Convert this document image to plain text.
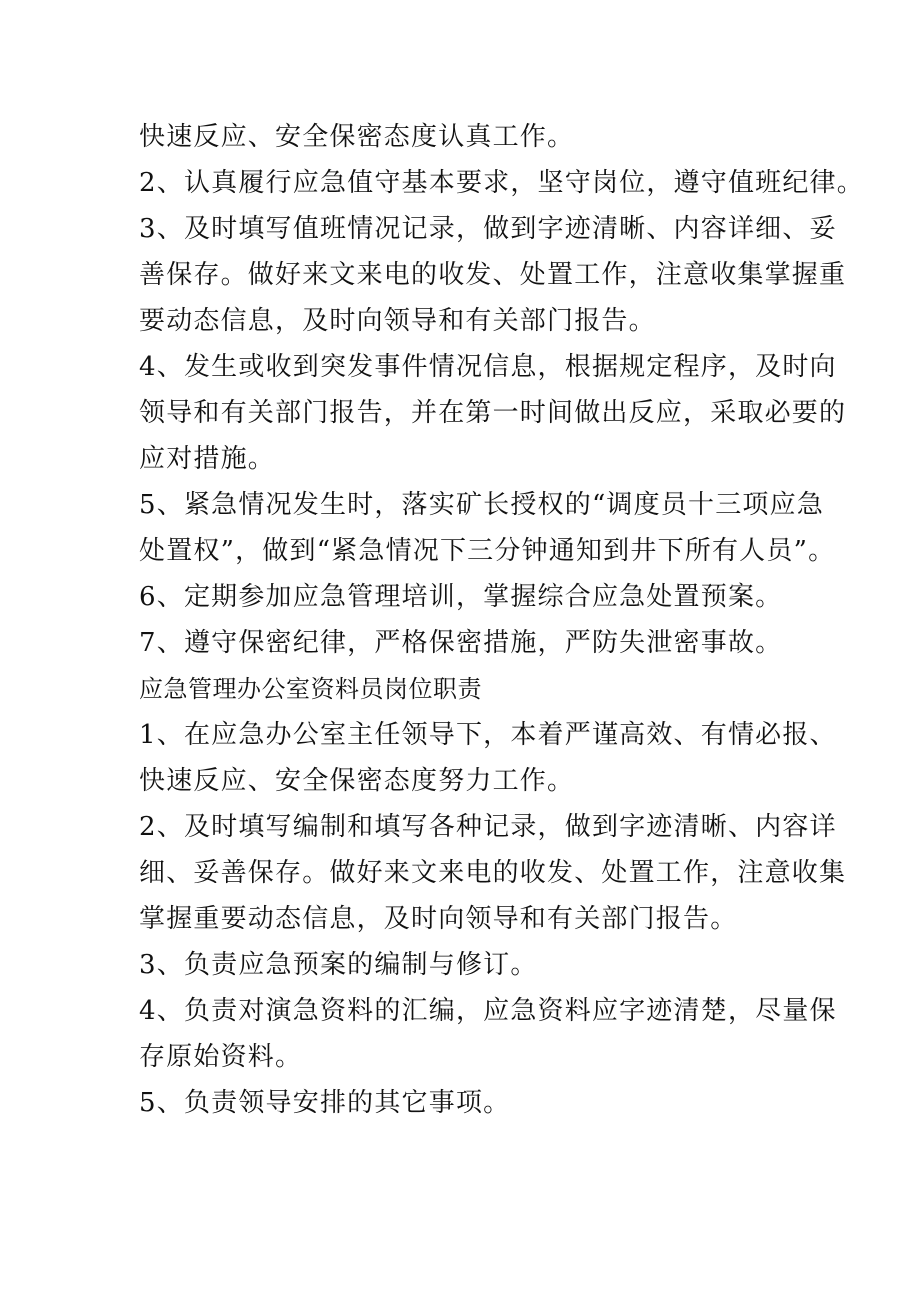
快速反应、安全保密态度认真工作。
2、认真履行应急值守基本要求，坚守岗位，遵守值班纪律。
3、及时填写值班情况记录，做到字迹清晰、内容详细、妥
善保存。做好来文来电的收发、处置工作，注意收集掌握重
要动态信息，及时向领导和有关部门报告。
4、发生或收到突发事件情况信息，根据规定程序，及时向
领导和有关部门报告，并在第一时间做出反应，采取必要的
应对措施。
5、紧急情况发生时，落实矿长授权的“调度员十三项应急
处置权”，做到“紧急情况下三分钟通知到井下所有人员”。
6、定期参加应急管理培训，掌握综合应急处置预案。
7、遵守保密纪律，严格保密措施，严防失泄密事故。
应急管理办公室资料员岗位职责
1、在应急办公室主任领导下，本着严谨高效、有情必报、
快速反应、安全保密态度努力工作。
2、及时填写编制和填写各种记录，做到字迹清晰、内容详
细、妥善保存。做好来文来电的收发、处置工作，注意收集
掌握重要动态信息，及时向领导和有关部门报告。
3、负责应急预案的编制与修订。
4、负责对演急资料的汇编，应急资料应字迹清楚，尽量保
存原始资料。
5、负责领导安排的其它事项。
